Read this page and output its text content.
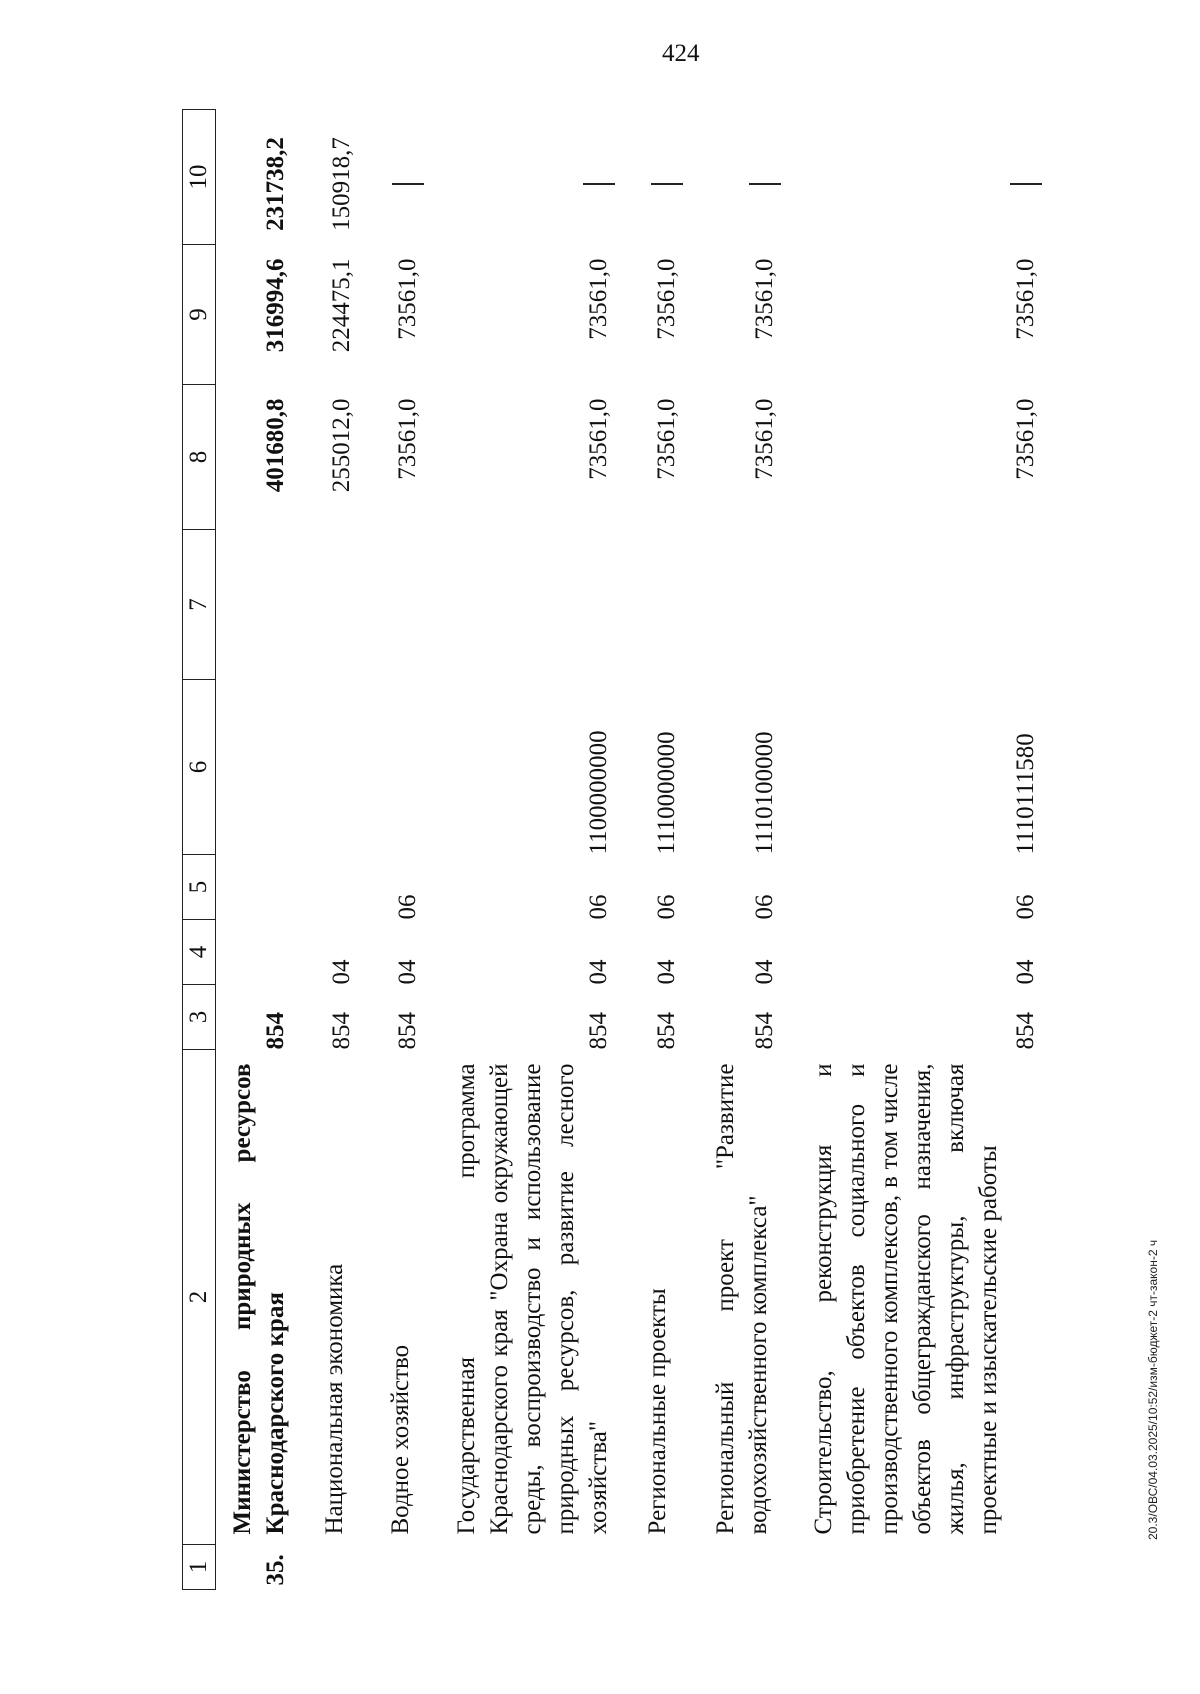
424
20.3/ОВС/04.03.2025/10:52/изм-бюджет-2 чт-закон-2 ч
1	2	3	4	5	6	7	8	9	10
35.	Министерство природных ресурсов Краснодарского края	854					401680,8	316994,6	231738,2
	Национальная экономика	854	04				255012,0	224475,1	150918,7
	Водное хозяйство	854	04	06			73561,0	73561,0	
	Государственная программа Краснодарского края "Охрана окружающей среды, воспроизводство и использование природных ресурсов, развитие лесного хозяйства"	854	04	06	1100000000		73561,0	73561,0	
	Региональные проекты	854	04	06	1110000000		73561,0	73561,0	
	Региональный проект "Развитие водохозяйственного комплекса"	854	04	06	1110100000		73561,0	73561,0	
	Строительство, реконструкция и приобретение объектов социального и производственного комплексов, в том числе объектов общегражданского назначения, жилья, инфраструктуры, включая проектные и изыскательские работы	854	04	06	1110111580		73561,0	73561,0	
